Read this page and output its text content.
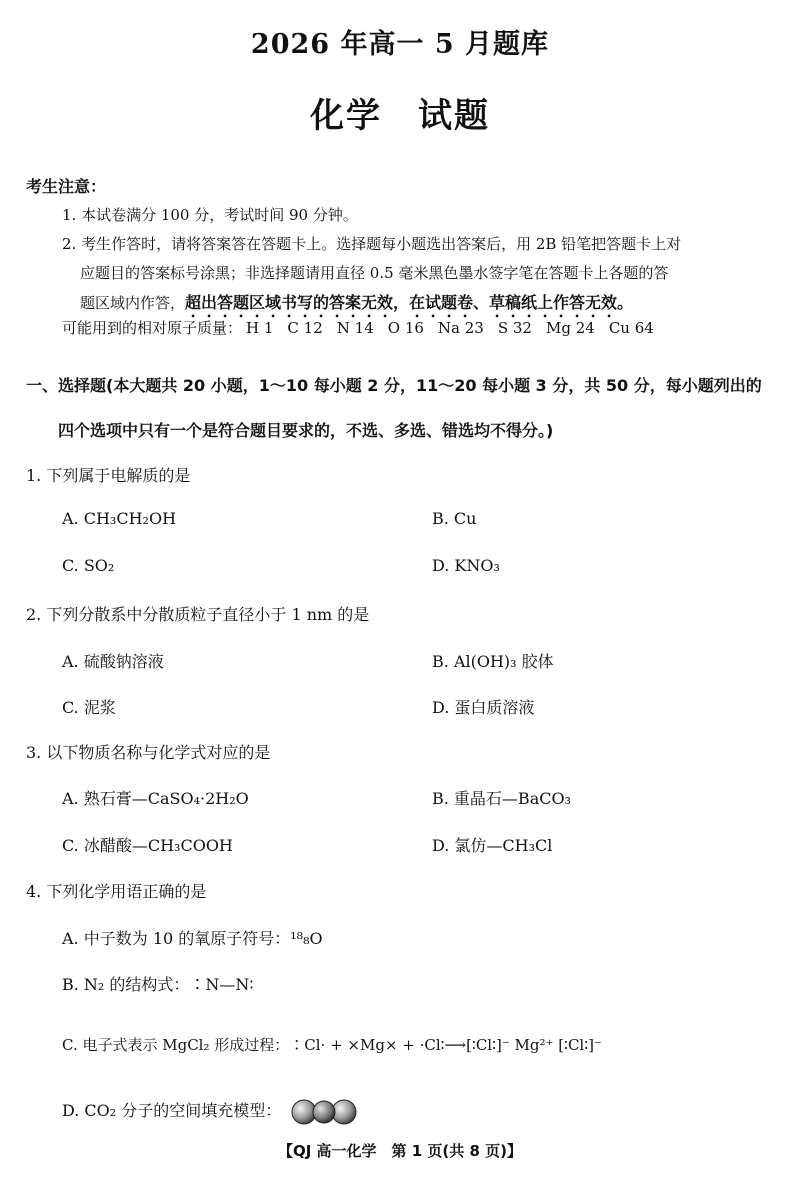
2026 年高一 5 月题库
化学　试题
考生注意：
1. 本试卷满分 100 分，考试时间 90 分钟。
2. 考生作答时，请将答案答在答题卡上。选择题每小题选出答案后，用 2B 铅笔把答题卡上对
应题目的答案标号涂黑；非选择题请用直径 0.5 毫米黑色墨水签字笔在答题卡上各题的答
题区域内作答，超出答题区域书写的答案无效，在试题卷、草稿纸上作答无效。
可能用到的相对原子质量： H 1 C 12 N 14 O 16 Na 23 S 32 Mg 24 Cu 64
一、选择题(本大题共 20 小题，1～10 每小题 2 分，11～20 每小题 3 分，共 50 分，每小题列出的
四个选项中只有一个是符合题目要求的，不选、多选、错选均不得分。)
1. 下列属于电解质的是
A. CH₃CH₂OH	B. Cu
C. SO₂	D. KNO₃
2. 下列分散系中分散质粒子直径小于 1 nm 的是
A. 硫酸钠溶液	B. Al(OH)₃ 胶体
C. 泥浆	D. 蛋白质溶液
3. 以下物质名称与化学式对应的是
A. 熟石膏—CaSO₄·2H₂O	B. 重晶石—BaCO₃
C. 冰醋酸—CH₃COOH	D. 氯仿—CH₃Cl
4. 下列化学用语正确的是
A. 中子数为 10 的氧原子符号：¹⁸₈O
B. N₂ 的结构式：∶N—N∶
C. 电子式表示 MgCl₂ 形成过程：∶Cl· + ×Mg× + ·Cl∶⟶[∶Cl∶]⁻ Mg²⁺ [∶Cl∶]⁻
D. CO₂ 分子的空间填充模型：
【QJ 高一化学　第 1 页(共 8 页)】
